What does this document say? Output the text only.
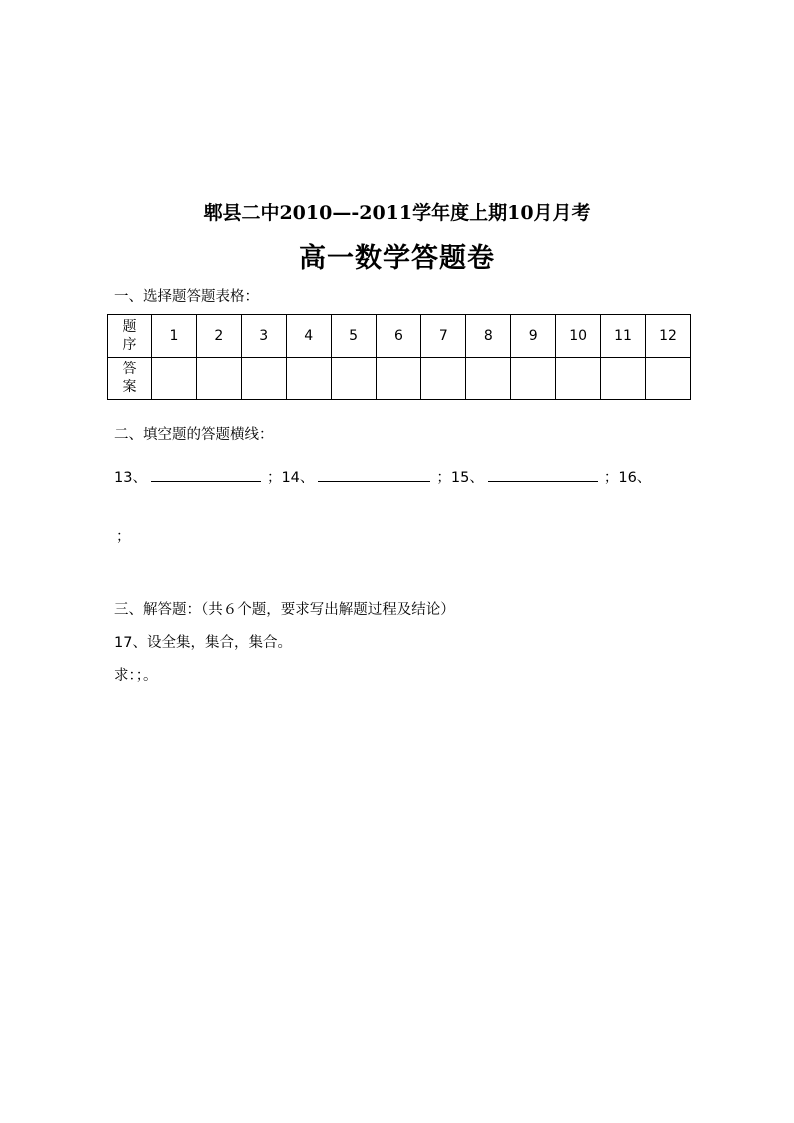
郫县二中2010—-2011学年度上期10月月考
高一数学答题卷
一、选择题答题表格：
题序	1	2	3	4	5	6	7	8	9	10	11	12
答案												
二、填空题的答题横线：
13、	；14、	；15、	；16、
；
三、解答题：（共６个题，要求写出解题过程及结论）
17、设全集，集合，集合。
求：；。
